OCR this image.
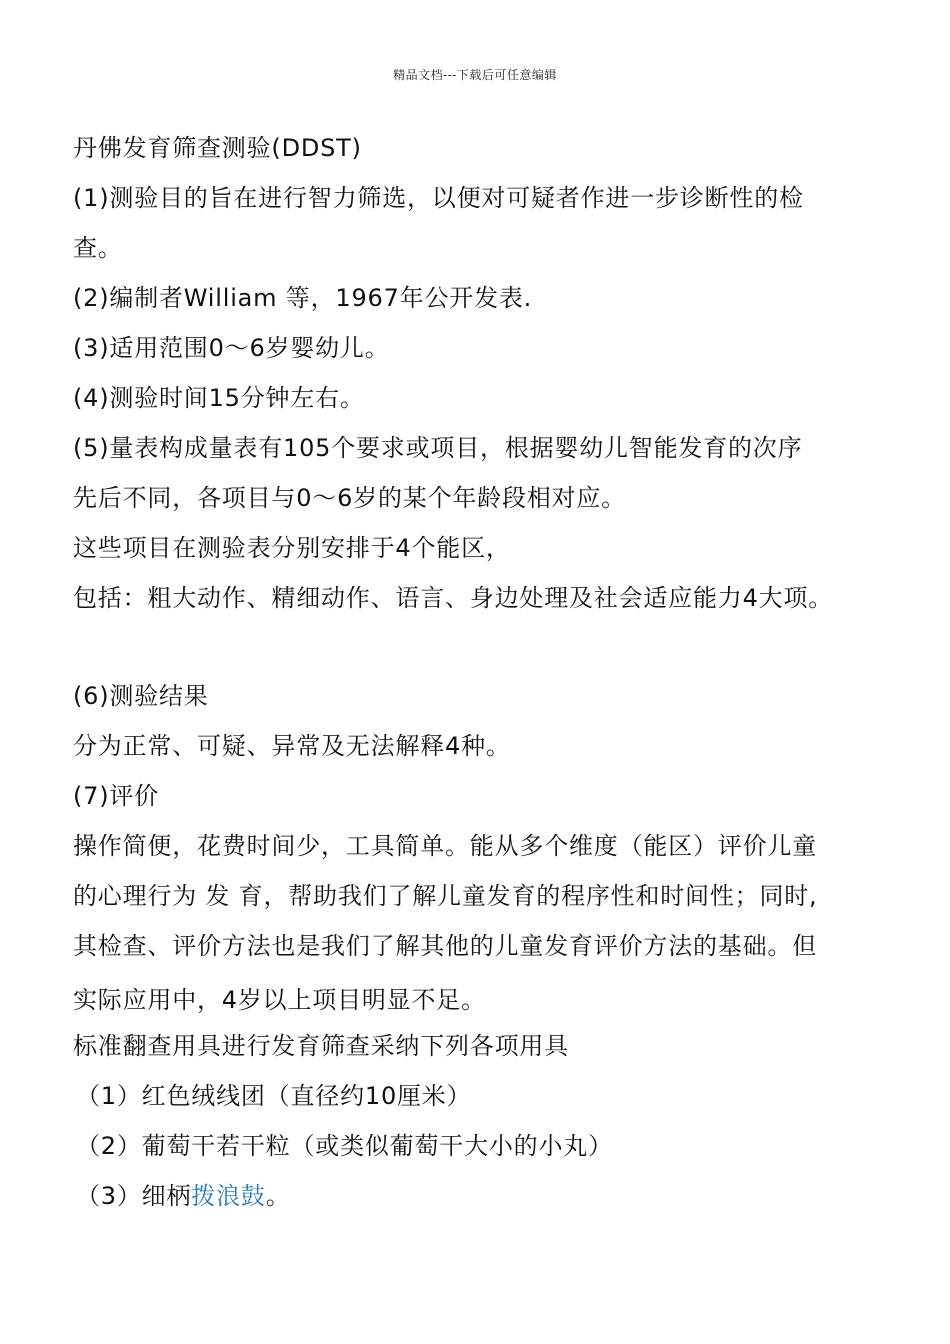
精品文档---下载后可任意编辑
丹佛发育筛查测验(DDST)
(1)测验目的旨在进行智力筛选，以便对可疑者作进一步诊断性的检
查。
(2)编制者William 等，1967年公开发表.
(3)适用范围0～6岁婴幼儿。
(4)测验时间15分钟左右。
(5)量表构成量表有105个要求或项目，根据婴幼儿智能发育的次序
先后不同，各项目与0～6岁的某个年龄段相对应。
这些项目在测验表分别安排于4个能区，
包括：粗大动作、精细动作、语言、身边处理及社会适应能力4大项。
(6)测验结果
分为正常、可疑、异常及无法解释4种。
(7)评价
操作简便，花费时间少，工具简单。能从多个维度（能区）评价儿童
的心理行为 发 育，帮助我们了解儿童发育的程序性和时间性；同时,
其检查、评价方法也是我们了解其他的儿童发育评价方法的基础。但
实际应用中，4岁以上项目明显不足。
标准翻查用具进行发育筛查采纳下列各项用具
（1）红色绒线团（直径约10厘米）
（2）葡萄干若干粒（或类似葡萄干大小的小丸）
（3）细柄拨浪鼓。
